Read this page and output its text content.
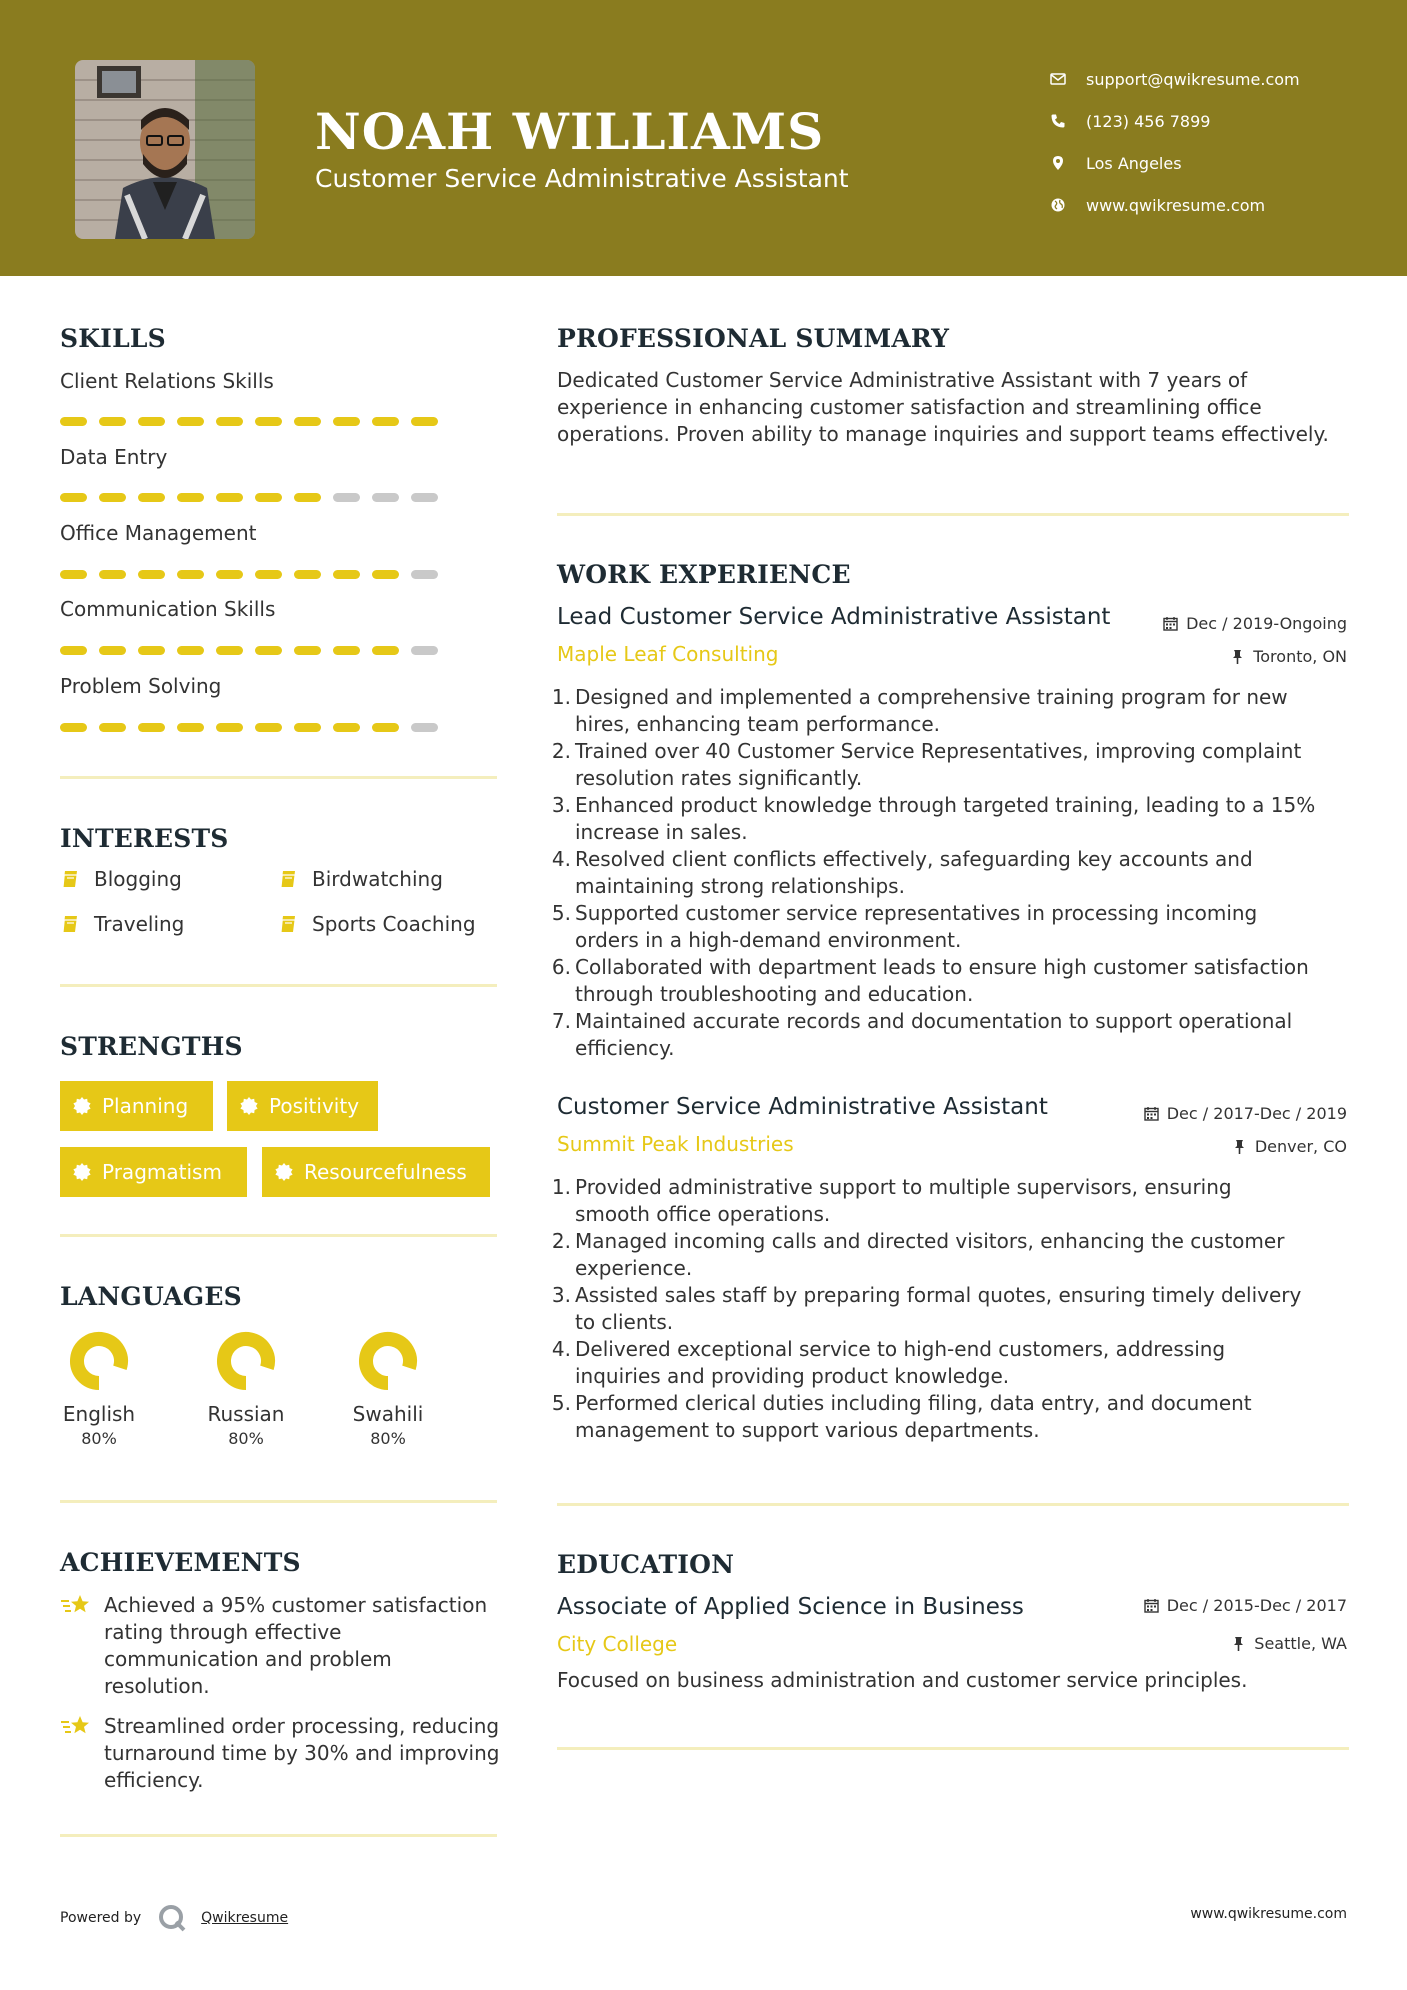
NOAH WILLIAMS
Customer Service Administrative Assistant
support@qwikresume.com
(123) 456 7899
Los Angeles
www.qwikresume.com
SKILLS
Client Relations Skills
Data Entry
Office Management
Communication Skills
Problem Solving
INTERESTS
Blogging	Birdwatching
Traveling	Sports Coaching
STRENGTHS
Planning	Positivity
Pragmatism	Resourcefulness
LANGUAGES
English
80%
Russian
80%
Swahili
80%
ACHIEVEMENTS
Achieved a 95% customer satisfaction rating through effective communication and problem resolution.
Streamlined order processing, reducing turnaround time by 30% and improving efficiency.
PROFESSIONAL SUMMARY
Dedicated Customer Service Administrative Assistant with 7 years of experience in enhancing customer satisfaction and streamlining office operations. Proven ability to manage inquiries and support teams effectively.
WORK EXPERIENCE
Lead Customer Service Administrative Assistant	Dec / 2019-Ongoing
Maple Leaf Consulting	Toronto, ON
1. Designed and implemented a comprehensive training program for new
hires, enhancing team performance.
2. Trained over 40 Customer Service Representatives, improving complaint
resolution rates significantly.
3. Enhanced product knowledge through targeted training, leading to a 15%
increase in sales.
4. Resolved client conflicts effectively, safeguarding key accounts and
maintaining strong relationships.
5. Supported customer service representatives in processing incoming
orders in a high-demand environment.
6. Collaborated with department leads to ensure high customer satisfaction
through troubleshooting and education.
7. Maintained accurate records and documentation to support operational
efficiency.
Customer Service Administrative Assistant	Dec / 2017-Dec / 2019
Summit Peak Industries	Denver, CO
1. Provided administrative support to multiple supervisors, ensuring
smooth office operations.
2. Managed incoming calls and directed visitors, enhancing the customer
experience.
3. Assisted sales staff by preparing formal quotes, ensuring timely delivery
to clients.
4. Delivered exceptional service to high-end customers, addressing
inquiries and providing product knowledge.
5. Performed clerical duties including filing, data entry, and document
management to support various departments.
EDUCATION
Associate of Applied Science in Business	Dec / 2015-Dec / 2017
City College	Seattle, WA
Focused on business administration and customer service principles.
Powered by	Qwikresume	www.qwikresume.com
